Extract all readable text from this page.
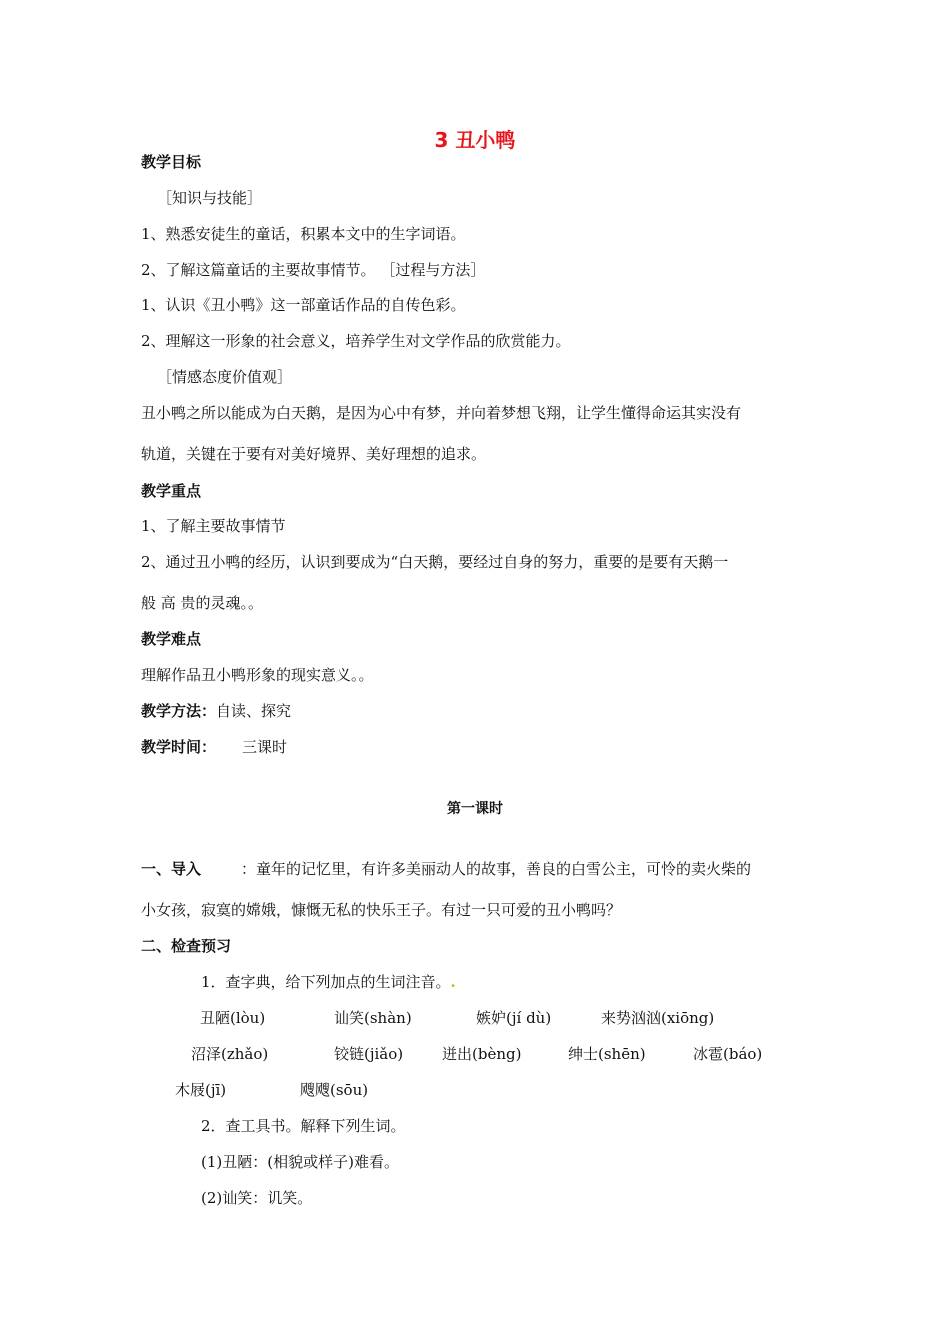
3 丑小鸭
教学目标
［知识与技能］
1、熟悉安徒生的童话，积累本文中的生字词语。
2、了解这篇童话的主要故事情节。 ［过程与方法］
1、认识《丑小鸭》这一部童话作品的自传色彩。
2、理解这一形象的社会意义，培养学生对文学作品的欣赏能力。
［情感态度价值观］
丑小鸭之所以能成为白天鹅，是因为心中有梦，并向着梦想飞翔，让学生懂得命运其实没有
轨道，关键在于要有对美好境界、美好理想的追求。
教学重点
1、了解主要故事情节
2、通过丑小鸭的经历，认识到要成为“白天鹅，要经过自身的努力，重要的是要有天鹅一
般 高 贵的灵魂。。
教学难点
理解作品丑小鸭形象的现实意义。。
教学方法：自读、探究
教学时间： 三课时
第一课时
一、导入	：童年的记忆里，有许多美丽动人的故事，善良的白雪公主，可怜的卖火柴的
小女孩，寂寞的嫦娥，慷慨无私的快乐王子。有过一只可爱的丑小鸭吗？
二、检查预习
1．查字典，给下列加点的生词注音。.
丑陋(lòu)	讪笑(shàn)	嫉妒(jí dù)	来势汹汹(xiōng)
沼泽(zhǎo)	铰链(jiǎo)	迸出(bèng)	绅士(shēn)	冰雹(báo)
木屐(jī)	飕飕(sōu)
2．查工具书。解释下列生词。
(1)丑陋：(相貌或样子)难看。
(2)讪笑：讥笑。
